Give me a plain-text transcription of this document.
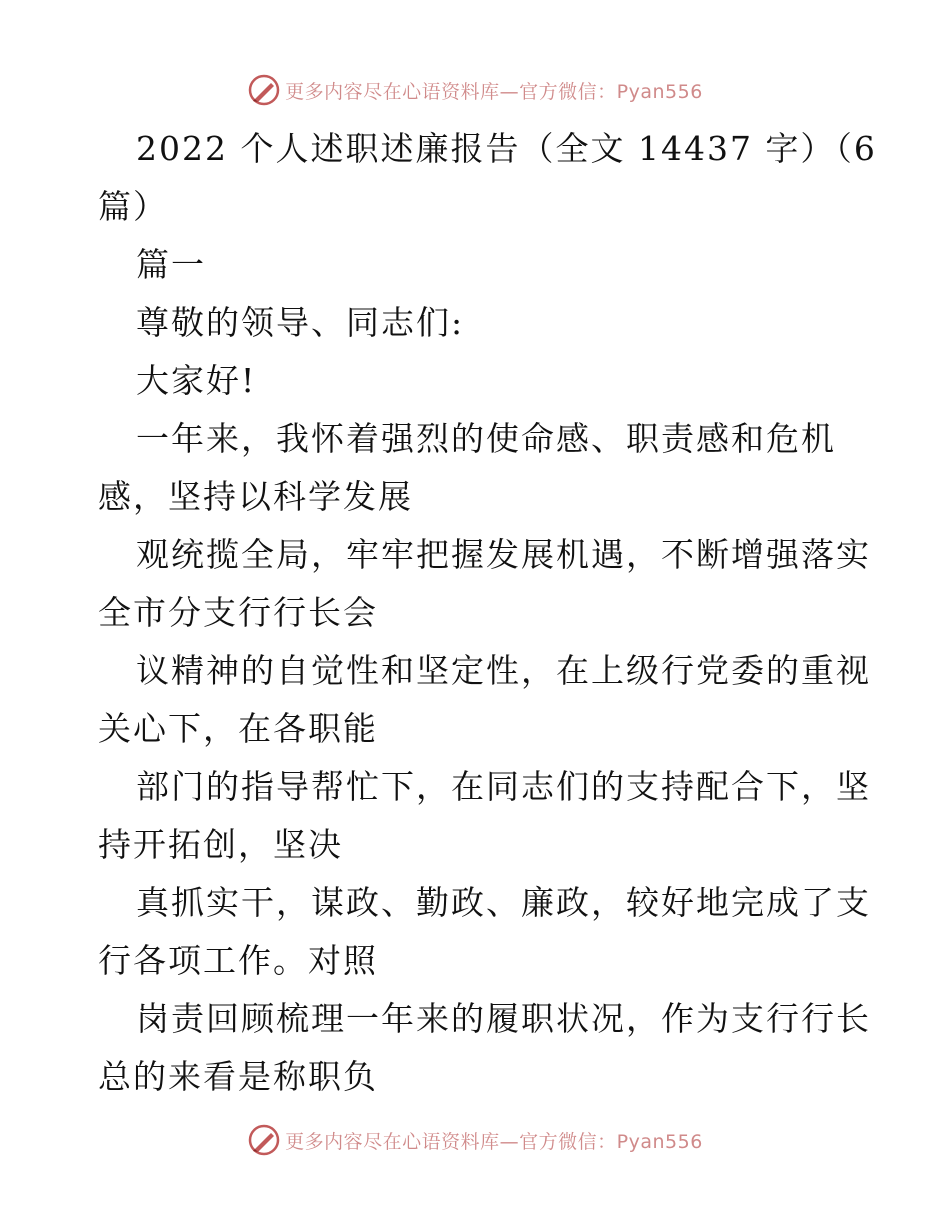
更多内容尽在心语资料库—官方微信：Pyan556
2022 个人述职述廉报告（全文 14437 字）（6
篇）
篇一
尊敬的领导、同志们:
大家好!
一年来，我怀着强烈的使命感、职责感和危机
感，坚持以科学发展
观统揽全局，牢牢把握发展机遇，不断增强落实
全市分支行行长会
议精神的自觉性和坚定性，在上级行党委的重视
关心下，在各职能
部门的指导帮忙下，在同志们的支持配合下，坚
持开拓创，坚决
真抓实干，谋政、勤政、廉政，较好地完成了支
行各项工作。对照
岗责回顾梳理一年来的履职状况，作为支行行长
总的来看是称职负
更多内容尽在心语资料库—官方微信：Pyan556
